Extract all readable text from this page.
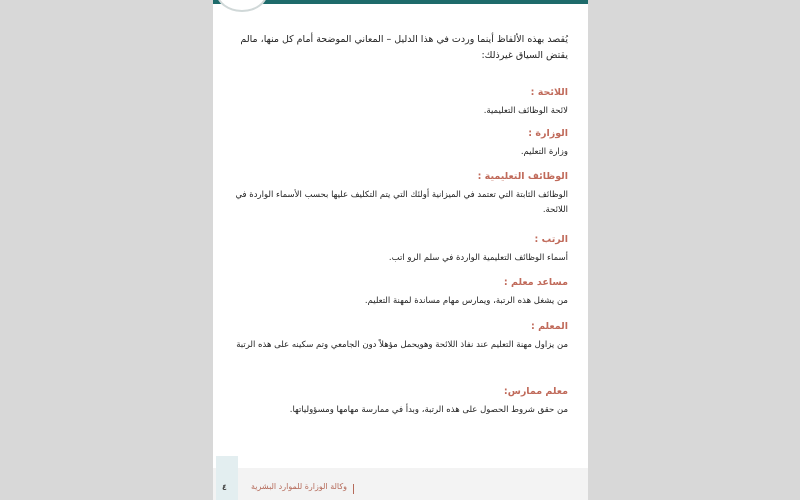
يُقصد بهذه الألفاظ أينما وردت في هذا الدليل – المعاني الموضحة أمام كل منها، مالم يقتض السياق غيرذلك:

اللائحة :

لائحة الوظائف التعليمية.

الوزارة :

وزارة التعليم.

الوظائف التعليمية :

الوظائف الثابتة التي تعتمد في الميزانية أولئك التي يتم التكليف عليها بحسب الأسماء الواردة في اللائحة.

الرتب :

أسماء الوظائف التعليمية الواردة في سلم الرو اتب.

مساعد معلم :

من يشغل هذه الرتبة، ويمارس مهام مساندة لمهنة التعليم.

المعلم :

من يزاول مهنة التعليم عند نفاذ اللائحة وهويحمل مؤهلاً دون الجامعي وتم سكينه على هذه الرتبة

معلم ممارس:

من حقق شروط الحصول على هذه الرتبة، وبدأ في ممارسة مهامها ومسؤولياتها.

٤	وكالة الوزارة للموارد البشرية
